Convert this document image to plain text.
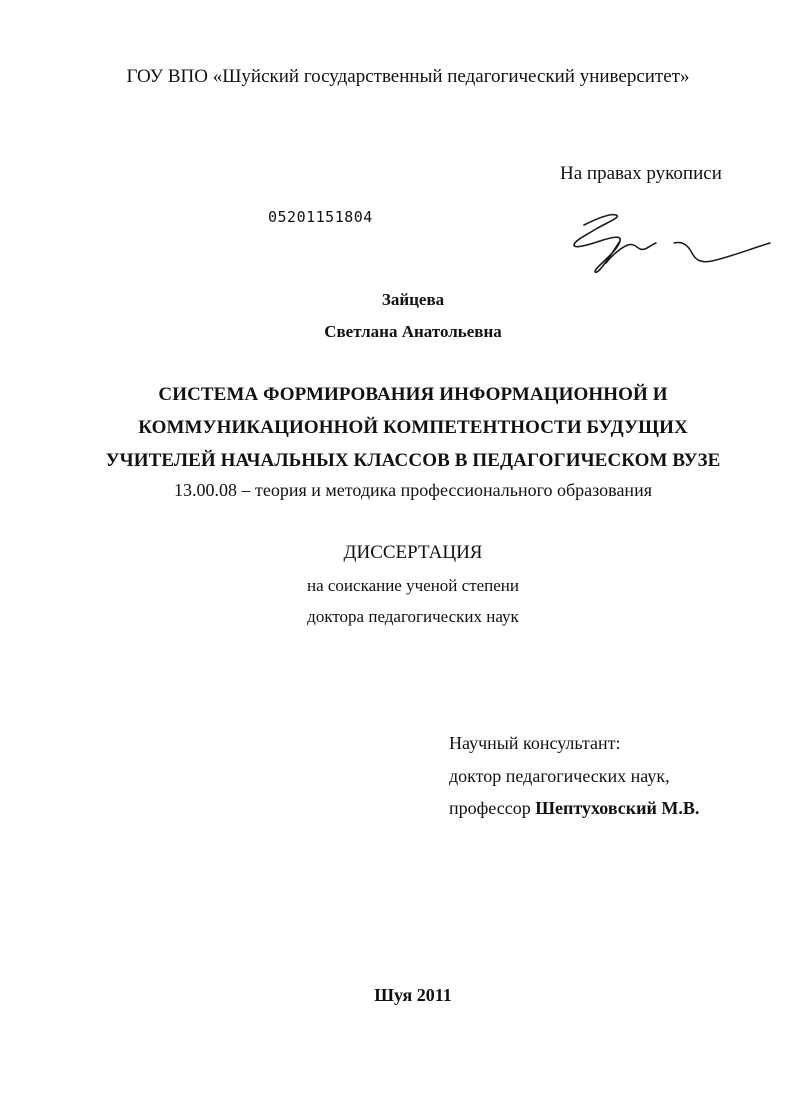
ГОУ ВПО «Шуйский государственный педагогический университет»
На правах рукописи
05201151804
Зайцева
Светлана Анатольевна
СИСТЕМА ФОРМИРОВАНИЯ ИНФОРМАЦИОННОЙ И
КОММУНИКАЦИОННОЙ КОМПЕТЕНТНОСТИ БУДУЩИХ
УЧИТЕЛЕЙ НАЧАЛЬНЫХ КЛАССОВ В ПЕДАГОГИЧЕСКОМ ВУЗЕ
13.00.08 – теория и методика профессионального образования
ДИССЕРТАЦИЯ
на соискание ученой степени
доктора педагогических наук
Научный консультант:
доктор педагогических наук,
профессор Шептуховский М.В.
Шуя 2011
